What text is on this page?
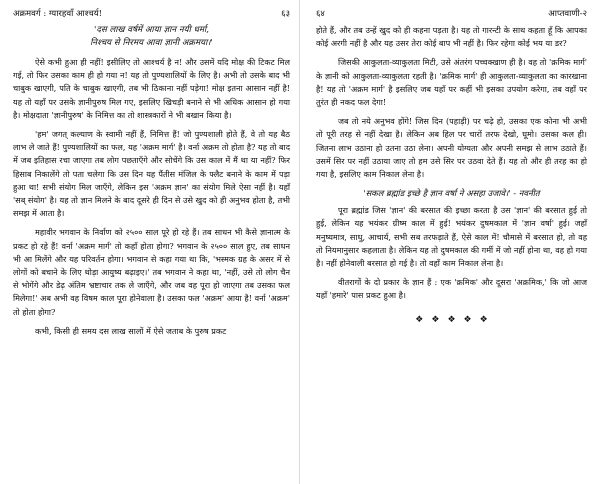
अक्रमवर्ग : ग्यारहवाँ आश्चर्य!	६३
'दस लाख वर्षमें आया ज्ञान नयी धर्मा,
निश्चय से निरमय आवा ज्ञानी अक्रमया।'

ऐसे कभी हुआ ही नहीं! इसीलिए तो आश्चर्य है न! और उसमें यदि मोक्ष की टिकट मिल गई, तो फिर उसका काम ही हो गया न! यह तो पुण्यशालियों के लिए है। अभी तो उसके बाद भी चाबुक खाएगी, पति के चाबुक खाएगी, तब भी ठिकाना नहीं पड़ेगा! मोक्ष इतना आसान नहीं है! यह तो यहाँ पर उसके ज्ञानीपुरुष मिल गए, इसलिए खिचड़ी बनाने से भी अधिक आसान हो गया है। मोक्षदाता 'ज्ञानीपुरुष' के निमित्त का तो शास्त्रकारों ने भी बखान किया है।

'हम' जगत् कल्याण के स्वामी नहीं हैं, निमित्त हैं! जो पुण्यशाली होते हैं, वे तो यह बैठ लाभ ले जाते हैं! पुण्यशालियों का फल, यह 'अक्रम मार्ग' है। वर्ना अक्रम तो होता है? यह तो बाद में जब इतिहास रचा जाएगा तब लोग पछताएँगे और सोचेंगे कि उस काल में मैं था या नहीं? फिर हिसाब निकालेंगे तो पता चलेगा कि उस दिन यह पैंतीस मंजिल के फ्लैट बनाने के काम में पड़ा हुआ था! सभी संयोग मिल जाएँगे, लेकिन इस 'अक्रम ज्ञान' का संयोग मिले ऐसा नहीं है। यहाँ 'सब् संयोग' है। यह तो ज्ञान मिलने के बाद दूसरे ही दिन से उसे खुद को ही अनुभव होता है, तभी समझ में आता है।

महावीर भगवान के निर्वाण को २५०० साल पूरे हो रहे हैं। तब साधन भी कैसे ज्ञानात्म के प्रकट हो रहे हैं! वर्ना 'अक्रम मार्ग' तो कहाँ होता होगा? भगवान के २५०० साल हुए, तब साधन भी आ मिलेंगे और यह परिवर्तन होगा। भगवान से कहा गया था कि, 'भस्मक ग्रह के असर में से लोगों को बचाने के लिए थोड़ा आयुष्य बढ़ाइए।' तब भगवान ने कहा था, 'नहीं, उसे तो लोग चैन से भोगेंगे और डेढ़ अंतिम भ्रष्टाचार तक ले जाएँगे, और जब वह पूरा हो जाएगा तब उसका फल मिलेगा!' अब अभी वह विषम काल पूरा होनेवाला है। उसका फल 'अक्रम' आया है! वर्ना 'अक्रम' तो होता होगा?

कभी, किसी ही समय दस लाख सालों में ऐसे जताब के पुरुष प्रकट

६४	आप्तवाणी-२

होते हैं, और तब उन्हें खुद को ही कहना पड़ता है। यह तो गारन्टी के साथ कहता हूँ कि आपका कोई अरगी नहीं है और यह उसर तेरा कोई बाप भी नहीं है। फिर रहेगा कोई भय या डर?

जिसकी आकुलता-व्याकुलता मिटी, उसे अंतरंग पच्चक्खाण ही है। वह तो 'क्रमिक मार्ग' के ज्ञानी को आकुलता-व्याकुलता रहती है। 'क्रमिक मार्ग' ही आकुलता-व्याकुलता का कारखाना है! यह तो 'अक्रम मार्ग' है इसलिए जब यहाँ पर कहीं भी इसका उपयोग करेगा, तब वहाँ पर तुरंत ही नकद फल देगा!

जब तो नये अनुभव होंगे! जिस दिन (पहाड़ी) पर चढ़े हो, उसका एक कोना भी अभी तो पूरी तरह से नहीं देखा है। लेकिन अब हिल पर चारों तरफ देखो, घूमो। उसका कल ही। जितना लाभ उठाना हो उतना उठा लेना। अपनी योग्यता और अपनी समझ से लाभ उठाते हैं। उसमें सिर पर नहीं उठाया जाए तो हम उसे सिर पर उठवा देते हैं। यह तो और ही तरह का हो गया है, इसलिए काम निकाल लेना है।

'सकल ब्रह्मांड इच्छे है ज्ञान वर्षा ने असहा उजावे।' - नवनीत

पूरा ब्रह्मांड जिस 'ज्ञान' की बरसात की इच्छा करता है उस 'ज्ञान' की बरसात हुई तो हुई, लेकिन यह भयंकर ग्रीष्म काल में हुई! भयंकर दुषमकाल में 'ज्ञान वर्षा' हुई। जहाँ मनुष्यमात्र, साधु, आचार्य, सभी सब तरफड़ाते हैं, ऐसे काल में! चौमासे में बरसात हो, तो वह तो नियमानुसार कहलाता है। लेकिन यह तो दुषमकाल की गर्मी में जो नहीं होना था, वह हो गया है। नहीं होनेवाली बरसात हो गई है। तो वहाँ काम निकाल लेना है।

वीतरागों के दो प्रकार के ज्ञान हैं : एक 'क्रमिक' और दूसरा 'अक्रमिक,' कि जो आज यहाँ 'हमारे' पास प्रकट हुआ है।

❖ ❖ ❖ ❖ ❖
